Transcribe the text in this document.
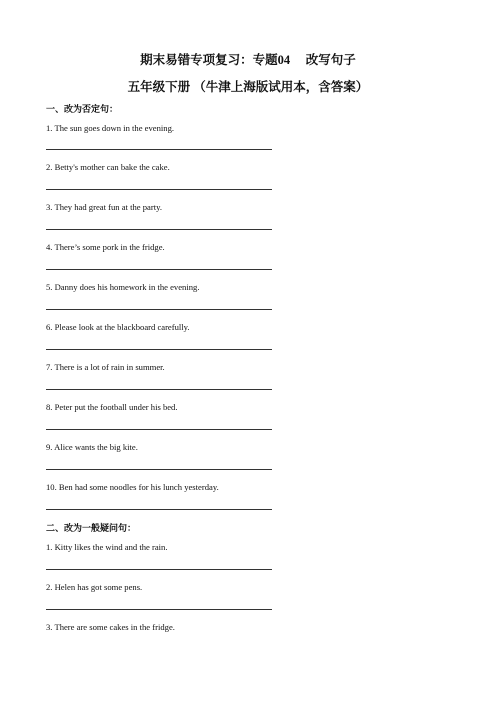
期末易错专项复习：专题04　 改写句子
五年级下册 （牛津上海版试用本，含答案）
一、改为否定句：
1. The sun goes down in the evening.
2. Betty's mother can bake the cake.
3. They had great fun at the party.
4. There’s some pork in the fridge.
5. Danny does his homework in the evening.
6. Please look at the blackboard carefully.
7. There is a lot of rain in summer.
8. Peter put the football under his bed.
9. Alice wants the big kite.
10. Ben had some noodles for his lunch yesterday.
二、改为一般疑问句：
1. Kitty likes the wind and the rain.
2. Helen has got some pens.
3. There are some cakes in the fridge.
